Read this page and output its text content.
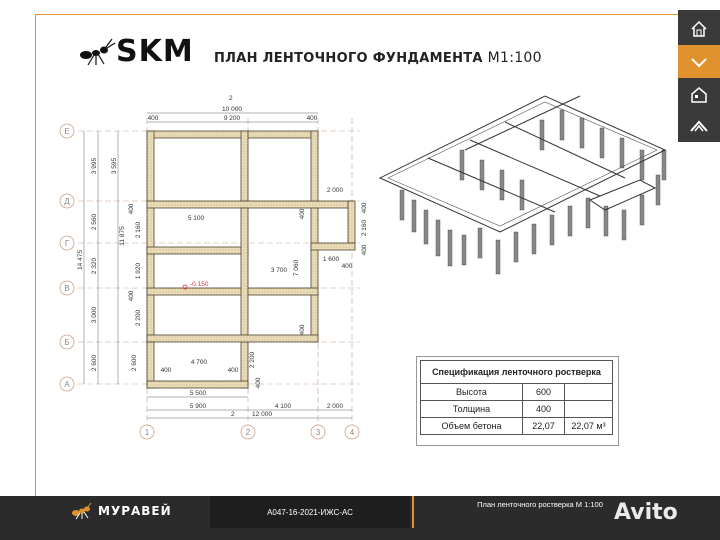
SKM ПЛАН ЛЕНТОЧНОГО ФУНДАМЕНТА М1:100
Е
Д
Г
В
Б
А
1	2	3	4
10 000
400	9 200	400
2
5 500
5 900	4 100	2 000
12 000
2
14 475
3 995
2 560
2 320
3 000
2 600
3 595
11 875 2 160
1 920
2 200
2 600
400
5 100	400
3 700
1 600
400
2 000
400
2 160
400
7 060
4 700
400	400
2 200
400
400
400
-0.150
Спецификация ленточного ростверка		
Высота	600	
Толщина	400	
Объем бетона	22,07	22,07 м³
МУРАВЕЙ	А047-16-2021-ИЖС-АС
План ленточного ростверка М 1:100 Avito
